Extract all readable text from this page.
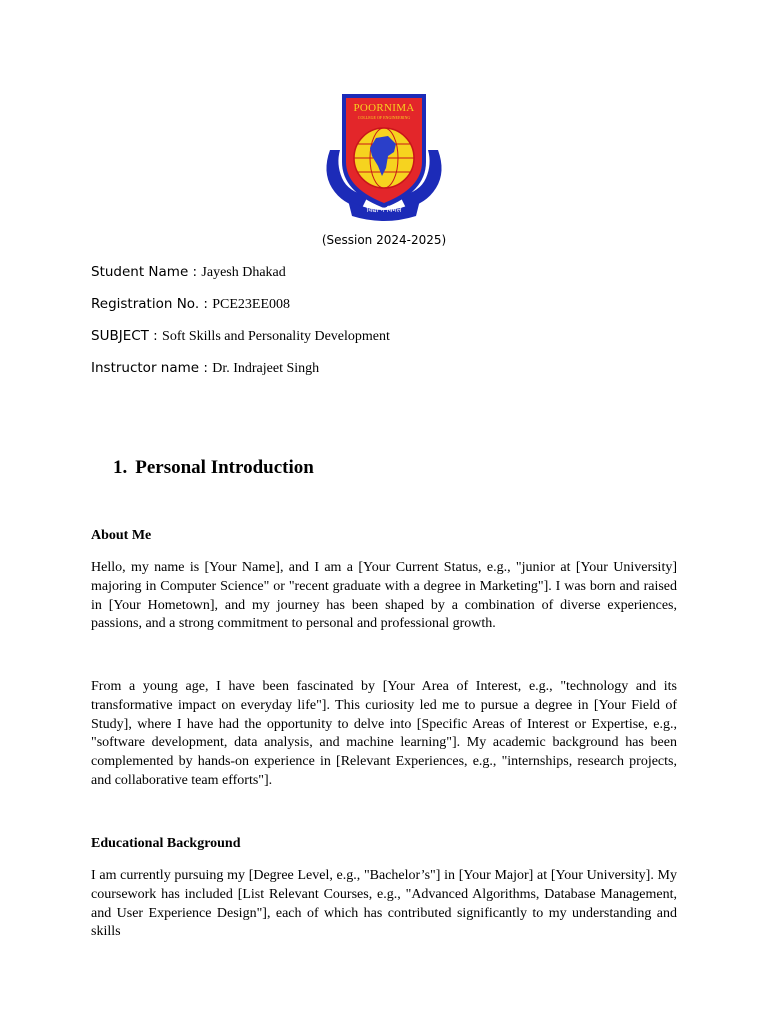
POORNIMA
COLLEGE OF ENGINEERING
विद्या न विमलं
(Session 2024-2025)
Student Name : Jayesh Dhakad
Registration No. : PCE23EE008
SUBJECT : Soft Skills and Personality Development
Instructor name : Dr. Indrajeet Singh
1. Personal Introduction
About Me

Hello, my name is [Your Name], and I am a [Your Current Status, e.g., "junior at [Your University] majoring in Computer Science" or "recent graduate with a degree in Marketing"]. I was born and raised in [Your Hometown], and my journey has been shaped by a combination of diverse experiences, passions, and a strong commitment to personal and professional growth.

From a young age, I have been fascinated by [Your Area of Interest, e.g., "technology and its transformative impact on everyday life"]. This curiosity led me to pursue a degree in [Your Field of Study], where I have had the opportunity to delve into [Specific Areas of Interest or Expertise, e.g., "software development, data analysis, and machine learning"]. My academic background has been complemented by hands-on experience in [Relevant Experiences, e.g., "internships, research projects, and collaborative team efforts"].

Educational Background

I am currently pursuing my [Degree Level, e.g., "Bachelor’s"] in [Your Major] at [Your University]. My coursework has included [List Relevant Courses, e.g., "Advanced Algorithms, Database Management, and User Experience Design"], each of which has contributed significantly to my understanding and skills
